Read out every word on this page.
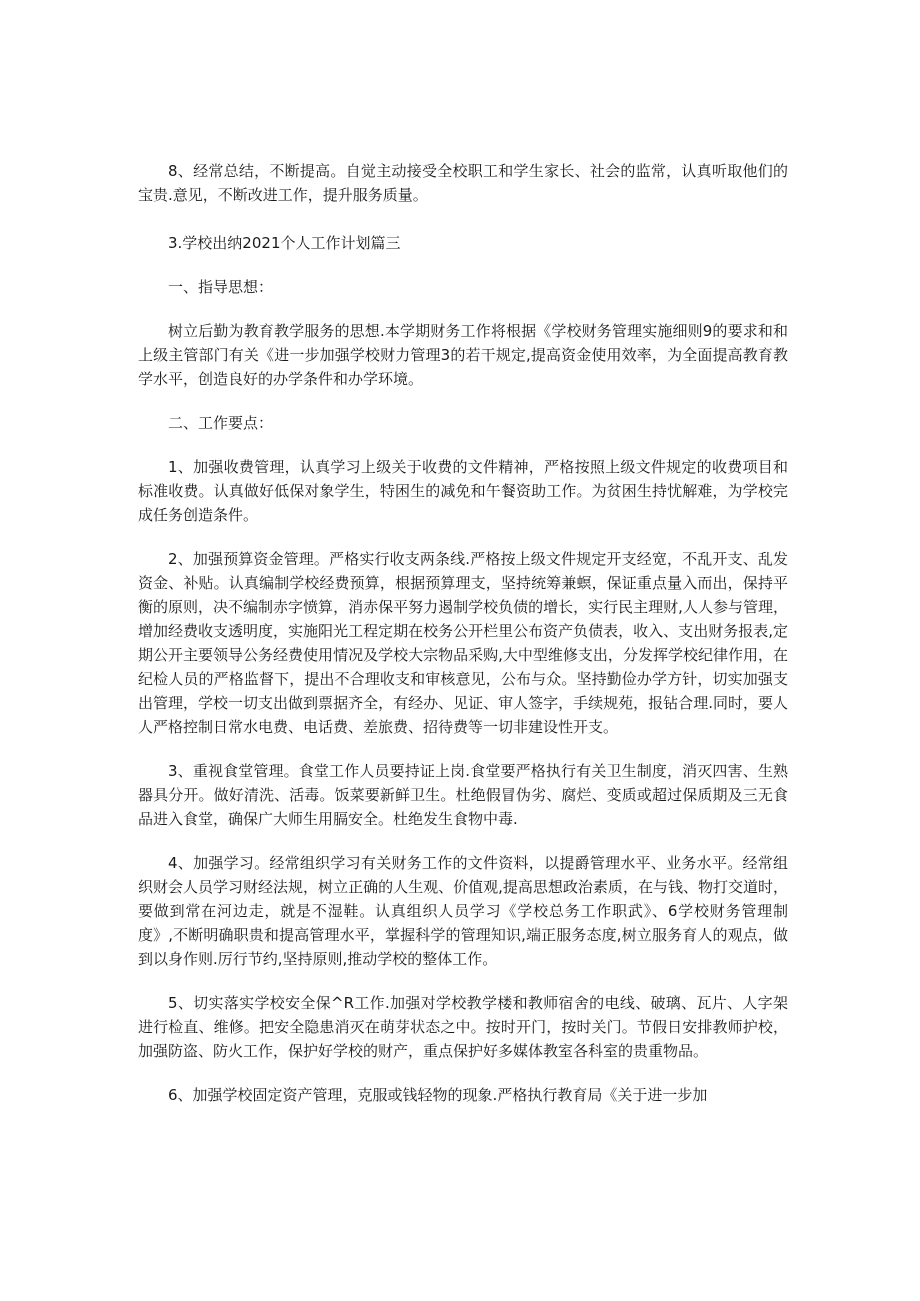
8、经常总结，不断提高。自觉主动接受全校职工和学生家长、社会的监常，认真听取他们的宝贵.意见，不断改进工作，提升服务质量。

3.学校出纳2021个人工作计划篇三

一、指导思想：

树立后勤为教育教学服务的思想.本学期财务工作将根据《学校财务管理实施细则9的要求和和上级主管部门有关《进一步加强学校财力管理3的若干规定,提高资金使用效率，为全面提高教育教学水平，创造良好的办学条件和办学环境。

二、工作要点：

1、加强收费管理，认真学习上级关于收费的文件精神，严格按照上级文件规定的收费项目和标准收费。认真做好低保对象学生，特困生的减免和午餐资助工作。为贫困生持忧解难，为学校完成任务创造条件。

2、加强预算资金管理。严格实行收支两条线.严格按上级文件规定开支经宽，不乱开支、乱发资金、补贴。认真编制学校经费预算，根据预算理支，坚持统筹兼螟，保证重点量入而出，保持平衡的原则，决不编制赤字愤算，消赤保平努力遏制学校负债的增长，实行民主理财,人人参与管理，增加经费收支透明度，实施阳光工程定期在校务公开栏里公布资产负债表，收入、支出财务报表,定期公开主要领导公务经费使用情况及学校大宗物品采购,大中型维修支出，分发挥学校纪律作用，在纪检人员的严格监督下，提出不合理收支和审核意见，公布与众。坚持勤俭办学方针，切实加强支出管理，学校一切支出做到票据齐全，有经办、见证、审人签字，手续规苑，报钻合理.同时，要人人严格控制日常水电费、电话费、差旅费、招待费等一切非建设性开支。

3、重视食堂管理。食堂工作人员要持证上岗.食堂要严格执行有关卫生制度，消灭四害、生熟器具分开。做好清洗、活毒。饭菜要新鲜卫生。杜绝假冒伪劣、腐烂、变质或超过保质期及三无食品进入食堂，确保广大师生用膈安全。杜绝发生食物中毒.

4、加强学习。经常组织学习有关财务工作的文件资料，以提爵管理水平、业务水平。经常组织财会人员学习财经法规，树立正确的人生观、价值观,提高思想政治素质，在与钱、物打交道时，要做到常在河边走，就是不湿鞋。认真组织人员学习《学校总务工作职武》、6学校财务管理制度》,不断明确职贵和提高管理水平，掌握科学的管理知识,端正服务态度,树立服务育人的观点，做到以身作则.厉行节约,坚持原则,推动学校的整体工作。

5、切实落实学校安全保^R工作.加强对学校教学楼和教师宿舍的电线、破璃、瓦片、人字架进行检直、维修。把安全隐患消灭在萌芽状态之中。按时开门，按时关门。节假日安排教师护校，加强防盗、防火工作，保护好学校的财产，重点保护好多媒体教室各科室的贵重物品。

6、加强学校固定资产管理，克服或钱轻物的现象.严格执行教育局《关于进一步加
